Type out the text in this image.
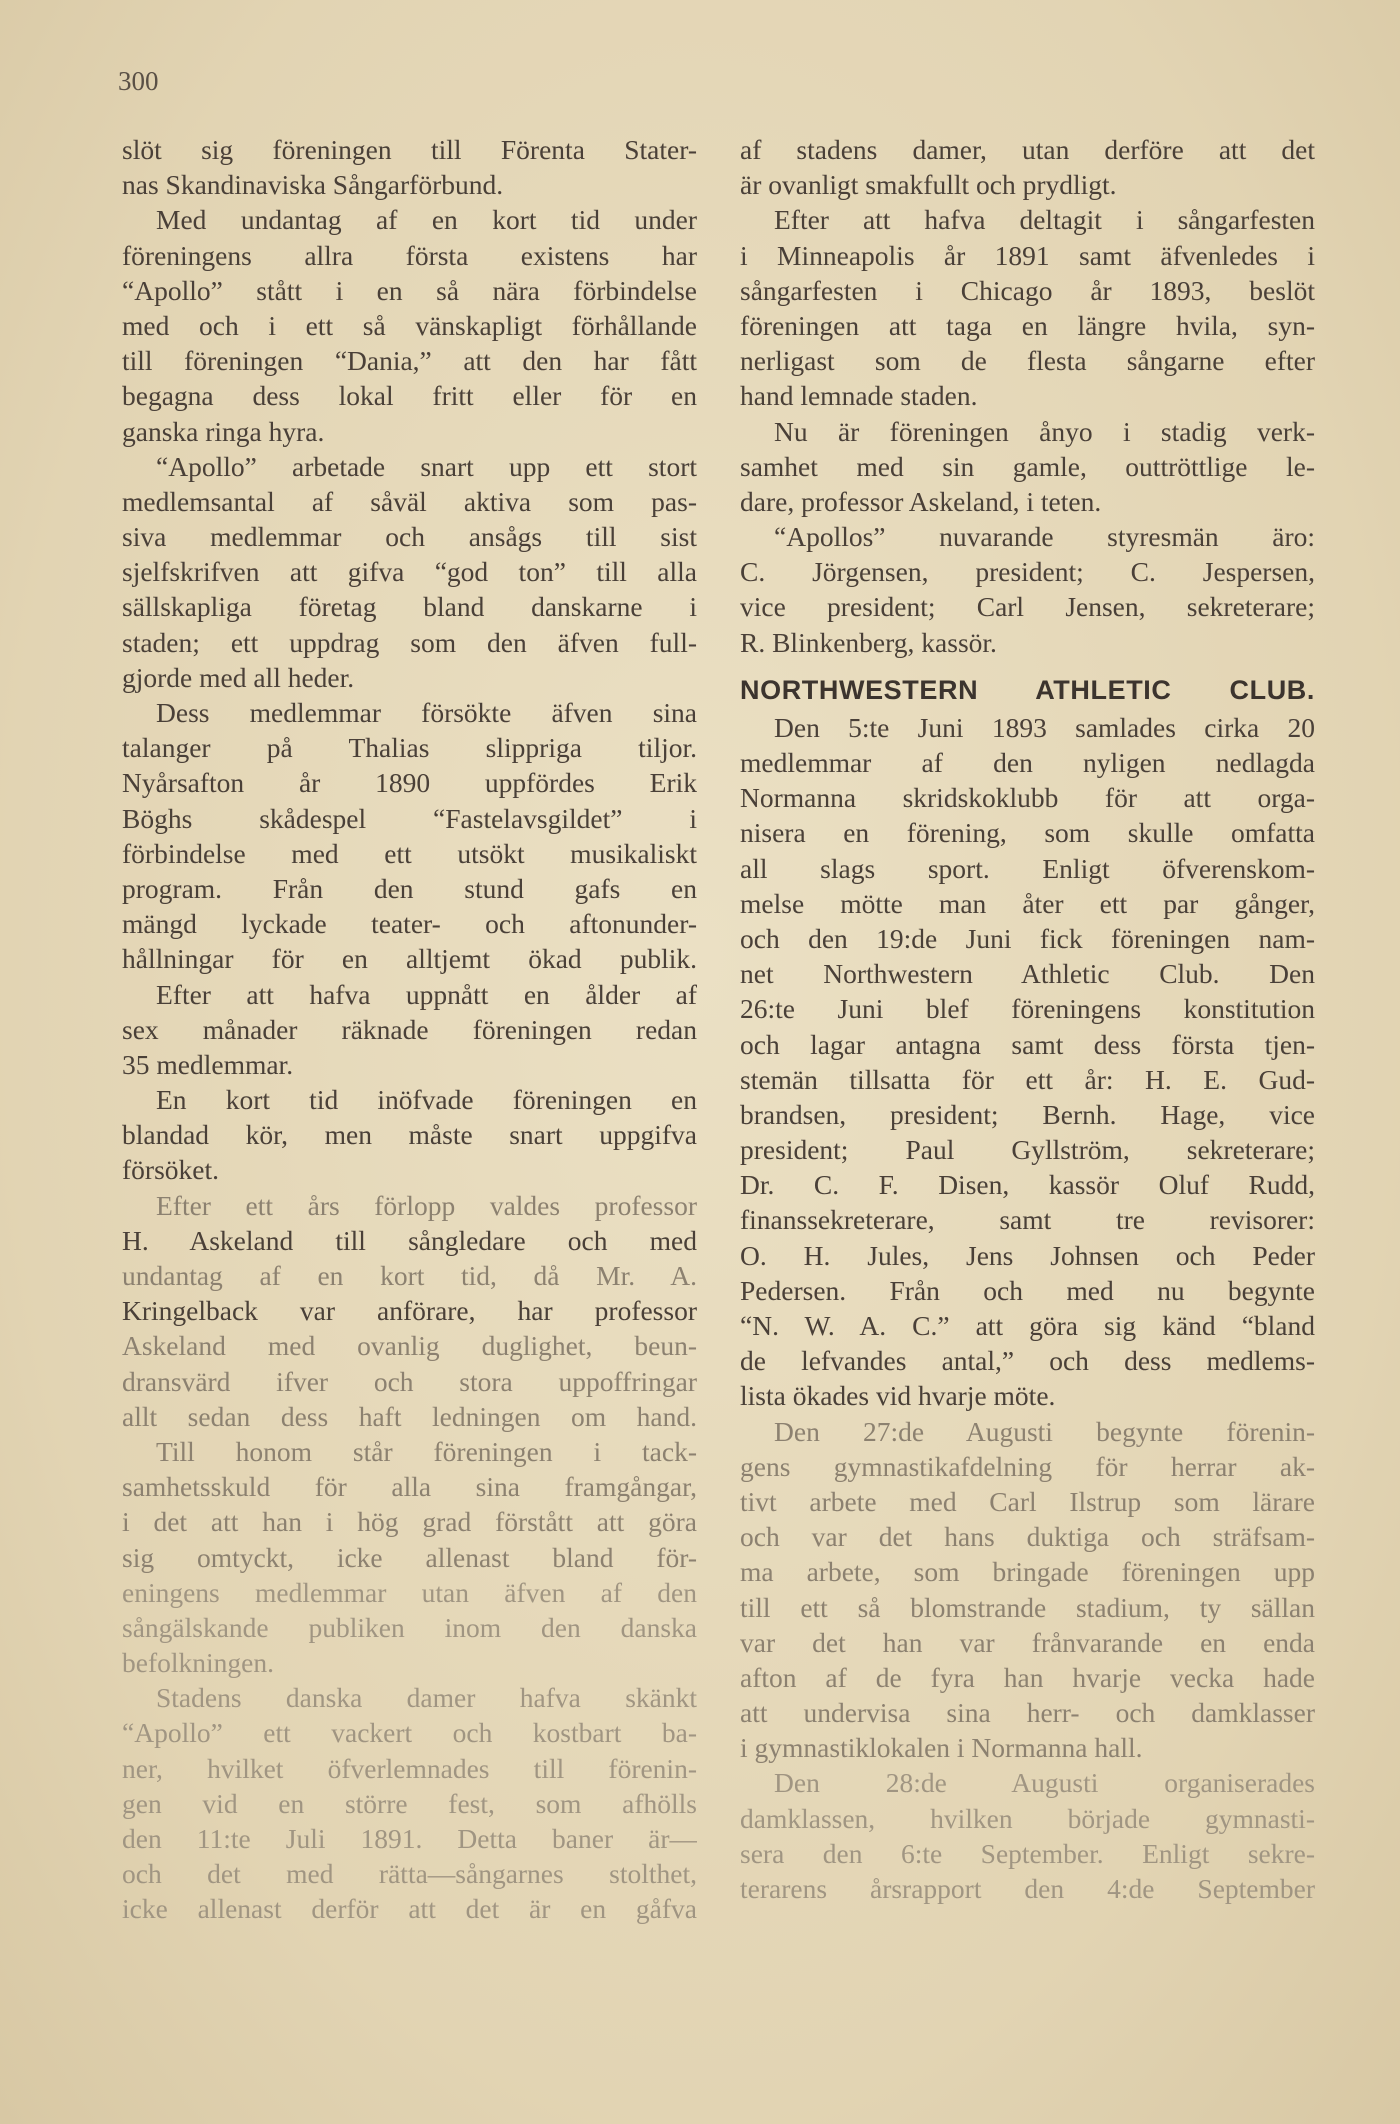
300
slöt sig föreningen till Förenta Stater-
nas Skandinaviska Sångarförbund.
Med undantag af en kort tid under
föreningens allra första existens har
“Apollo” stått i en så nära förbindelse
med och i ett så vänskapligt förhållande
till föreningen “Dania,” att den har fått
begagna dess lokal fritt eller för en
ganska ringa hyra.
“Apollo” arbetade snart upp ett stort
medlemsantal af såväl aktiva som pas-
siva medlemmar och ansågs till sist
sjelfskrifven att gifva “god ton” till alla
sällskapliga företag bland danskarne i
staden; ett uppdrag som den äfven full-
gjorde med all heder.
Dess medlemmar försökte äfven sina
talanger på Thalias slippriga tiljor.
Nyårsafton år 1890 uppfördes Erik
Böghs skådespel “Fastelavsgildet” i
förbindelse med ett utsökt musikaliskt
program. Från den stund gafs en
mängd lyckade teater- och aftonunder-
hållningar för en alltjemt ökad publik.
Efter att hafva uppnått en ålder af
sex månader räknade föreningen redan
35 medlemmar.
En kort tid inöfvade föreningen en
blandad kör, men måste snart uppgifva
försöket.
Efter ett års förlopp valdes professor
H. Askeland till sångledare och med
undantag af en kort tid, då Mr. A.
Kringelback var anförare, har professor
Askeland med ovanlig duglighet, beun-
dransvärd ifver och stora uppoffringar
allt sedan dess haft ledningen om hand.
Till honom står föreningen i tack-
samhetsskuld för alla sina framgångar,
i det att han i hög grad förstått att göra
sig omtyckt, icke allenast bland för-
eningens medlemmar utan äfven af den
sångälskande publiken inom den danska
befolkningen.
Stadens danska damer hafva skänkt
“Apollo” ett vackert och kostbart ba-
ner, hvilket öfverlemnades till förenin-
gen vid en större fest, som afhölls
den 11:te Juli 1891. Detta baner är—
och det med rätta—sångarnes stolthet,
icke allenast derför att det är en gåfva
af stadens damer, utan derföre att det
är ovanligt smakfullt och prydligt.
Efter att hafva deltagit i sångarfesten
i Minneapolis år 1891 samt äfvenledes i
sångarfesten i Chicago år 1893, beslöt
föreningen att taga en längre hvila, syn-
nerligast som de flesta sångarne efter
hand lemnade staden.
Nu är föreningen ånyo i stadig verk-
samhet med sin gamle, outtröttlige le-
dare, professor Askeland, i teten.
“Apollos” nuvarande styresmän äro:
C. Jörgensen, president; C. Jespersen,
vice president; Carl Jensen, sekreterare;
R. Blinkenberg, kassör.
NORTHWESTERN ATHLETIC CLUB.
Den 5:te Juni 1893 samlades cirka 20
medlemmar af den nyligen nedlagda
Normanna skridskoklubb för att orga-
nisera en förening, som skulle omfatta
all slags sport. Enligt öfverenskom-
melse mötte man åter ett par gånger,
och den 19:de Juni fick föreningen nam-
net Northwestern Athletic Club. Den
26:te Juni blef föreningens konstitution
och lagar antagna samt dess första tjen-
stemän tillsatta för ett år: H. E. Gud-
brandsen, president; Bernh. Hage, vice
president; Paul Gyllström, sekreterare;
Dr. C. F. Disen, kassör Oluf Rudd,
finanssekreterare, samt tre revisorer:
O. H. Jules, Jens Johnsen och Peder
Pedersen. Från och med nu begynte
“N. W. A. C.” att göra sig känd “bland
de lefvandes antal,” och dess medlems-
lista ökades vid hvarje möte.
Den 27:de Augusti begynte förenin-
gens gymnastikafdelning för herrar ak-
tivt arbete med Carl Ilstrup som lärare
och var det hans duktiga och sträfsam-
ma arbete, som bringade föreningen upp
till ett så blomstrande stadium, ty sällan
var det han var frånvarande en enda
afton af de fyra han hvarje vecka hade
att undervisa sina herr- och damklasser
i gymnastiklokalen i Normanna hall.
Den 28:de Augusti organiserades
damklassen, hvilken började gymnasti-
sera den 6:te September. Enligt sekre-
terarens årsrapport den 4:de September
